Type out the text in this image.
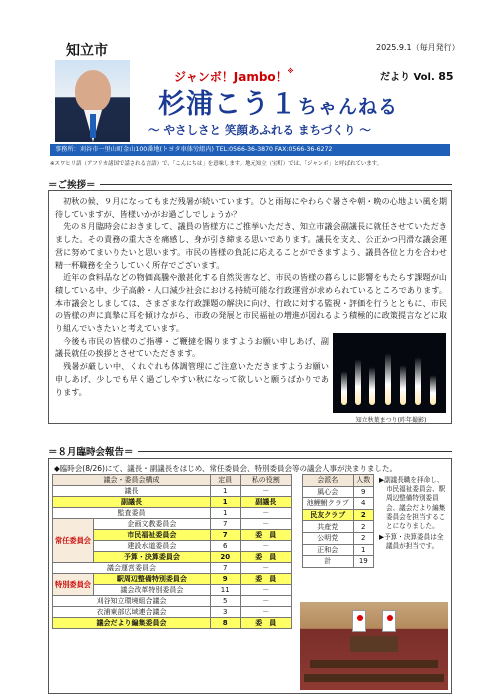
知立市	2025.9.1（毎月発行）
ジャンボ！Jambo！※
だより Vol. 85
杉浦こう１ちゃんねる
～ やさしさと 笑顔あふれる まちづくり ～
事務所：刈谷市一里山町金山100番地(トヨタ車体労組内) TEL:0566-36-3870 FAX:0566-36-6272
※スワヒリ語（アフリカ諸国で話される言語）で、「こんにちは」を意味します。地元知立（宝町）では、「ジャンボ」と呼ばれています。
＝ご挨拶＝

初秋の候、９月になってもまだ残暑が続いています。ひと雨毎にやわらぐ暑さや朝・晩の心地よい風を期待していますが、皆様いかがお過ごしでしょうか？

先の８月臨時会におきまして、議員の皆様方にご推挙いただき、知立市議会副議長に就任させていただきました。その責務の重大さを痛感し、身が引き締まる思いであります。議長を支え、公正かつ円滑な議会運営に努めてまいりたいと思います。市民の皆様の負託に応えることができますよう、議員各位と力を合わせ精一杯職務を全うしていく所存でございます。

近年の食料品などの物価高騰や激甚化する自然災害など、市民の皆様の暮らしに影響をもたらす課題が山積している中、少子高齢・人口減少社会における持続可能な行政運営が求められているところであります。本市議会としましては、さまざまな行政課題の解決に向け、行政に対する監視・評価を行うとともに、市民の皆様の声に真摯に耳を傾けながら、市政の発展と市民福祉の増進が図れるよう積極的に政策提言などに取り組んでいきたいと考えています。

今後も市民の皆様のご指導・ご鞭撻を賜りますようお願い申しあげ、副議長就任の挨拶とさせていただきます。

残暑が厳しい中、くれぐれも体調管理にご注意いただきますようお願い申しあげ、少しでも早く過ごしやすい秋になって欲しいと願うばかりであります。

知立秋葉まつり(昨年撮影)
＝８月臨時会報告＝
◆臨時会(8/26)にて、議長・副議長をはじめ、常任委員会、特別委員会等の議会人事が決まりました。
議会・委員会構成		定員	私の役割
議長		1	－
副議長		1	副議長
監査委員		1	－
常任委員会	企画文教委員会	7	－
	市民福祉委員会	7	委　員
	建設水道委員会	6	－
	予算・決算委員会	20	委　員
議会運営委員会		7	－
特別委員会	駅周辺整備特別委員会	9	委　員
	議会改革特別委員会	11	－
刈谷知立環境組合議会		5	－
衣浦東部広域連合議会		3	－
議会だより編集委員会		8	委　員
会派名	人数
風心会	9
池鯉鮒クラブ	4
民友クラブ	2
共産党	2
公明党	2
正和会	1
計	19

▶副議長職を拝命し、市民福祉委員会、駅周辺整備特別委員会、議会だより編集委員会を担当することになりました。

▶予算・決算委員は全議員が担当です。
